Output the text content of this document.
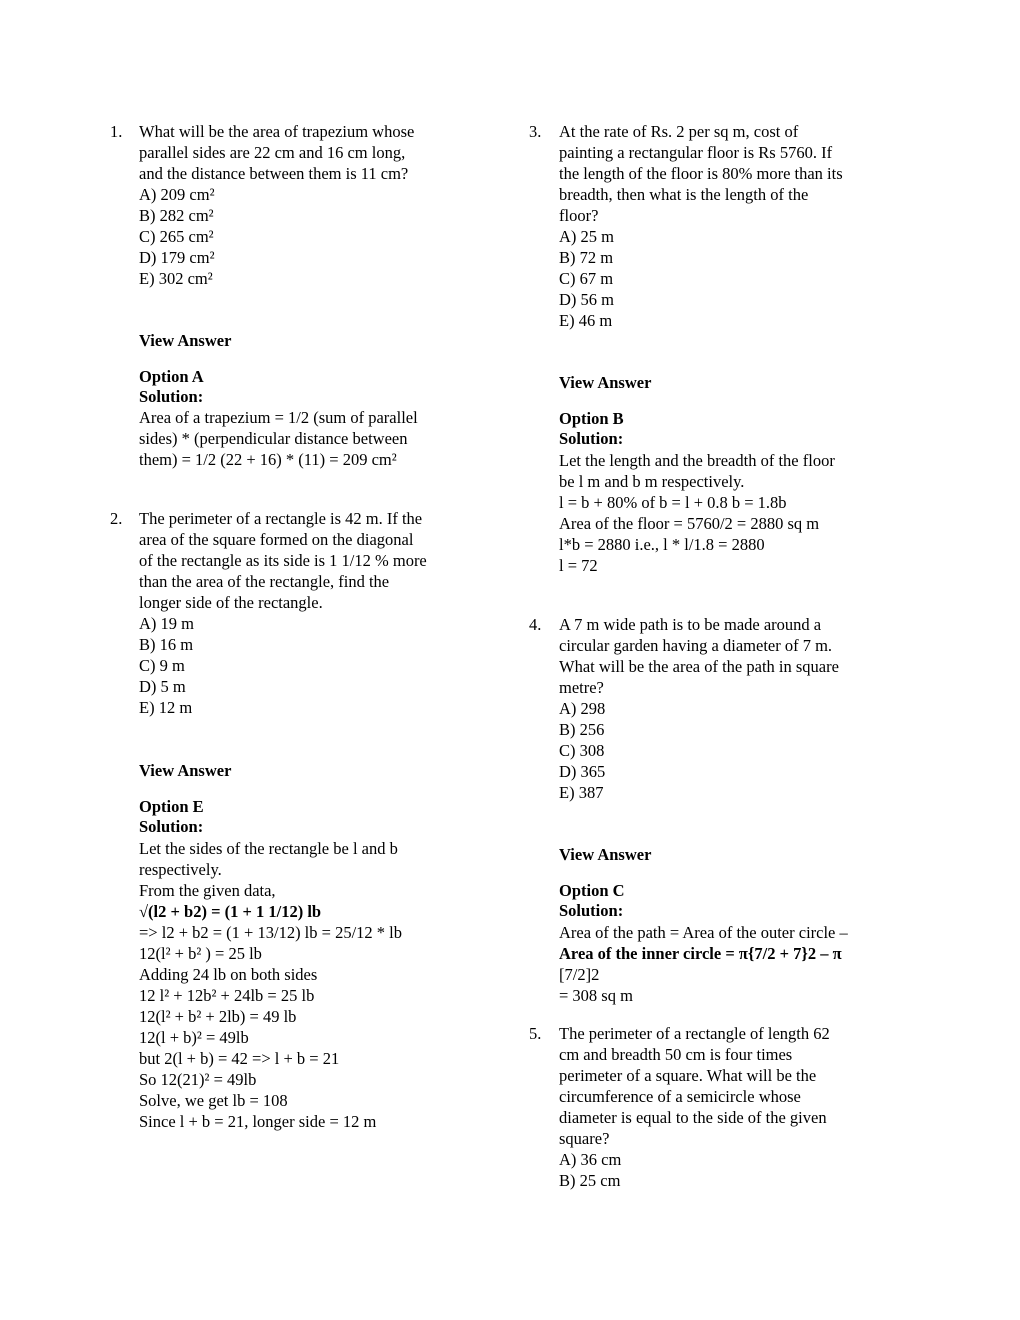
1. What will be the area of trapezium whose
parallel sides are 22 cm and 16 cm long,
and the distance between them is 11 cm?
A) 209 cm²
B) 282 cm²
C) 265 cm²
D) 179 cm²
E) 302 cm²
View Answer
Option A
Solution:
Area of a trapezium = 1/2 (sum of parallel
sides) * (perpendicular distance between
them) = 1/2 (22 + 16) * (11) = 209 cm²
2. The perimeter of a rectangle is 42 m. If the
area of the square formed on the diagonal
of the rectangle as its side is 1 1/12 % more
than the area of the rectangle, find the
longer side of the rectangle.
A) 19 m
B) 16 m
C) 9 m
D) 5 m
E) 12 m
View Answer
Option E
Solution:
Let the sides of the rectangle be l and b
respectively.
From the given data,
√(l2 + b2) = (1 + 1 1/12) lb
=> l2 + b2 = (1 + 13/12) lb = 25/12 * lb
12(l² + b² ) = 25 lb
Adding 24 lb on both sides
12 l² + 12b² + 24lb = 25 lb
12(l² + b² + 2lb) = 49 lb
12(l + b)² = 49lb
but 2(l + b) = 42 => l + b = 21
So 12(21)² = 49lb
Solve, we get lb = 108
Since l + b = 21, longer side = 12 m
3. At the rate of Rs. 2 per sq m, cost of
painting a rectangular floor is Rs 5760. If
the length of the floor is 80% more than its
breadth, then what is the length of the
floor?
A) 25 m
B) 72 m
C) 67 m
D) 56 m
E) 46 m
View Answer
Option B
Solution:
Let the length and the breadth of the floor
be l m and b m respectively.
l = b + 80% of b = l + 0.8 b = 1.8b
Area of the floor = 5760/2 = 2880 sq m
l*b = 2880 i.e., l * l/1.8 = 2880
l = 72
4. A 7 m wide path is to be made around a
circular garden having a diameter of 7 m.
What will be the area of the path in square
metre?
A) 298
B) 256
C) 308
D) 365
E) 387
View Answer
Option C
Solution:
Area of the path = Area of the outer circle –
Area of the inner circle = π{7/2 + 7}2 – π
[7/2]2
= 308 sq m
5. The perimeter of a rectangle of length 62
cm and breadth 50 cm is four times
perimeter of a square. What will be the
circumference of a semicircle whose
diameter is equal to the side of the given
square?
A) 36 cm
B) 25 cm
